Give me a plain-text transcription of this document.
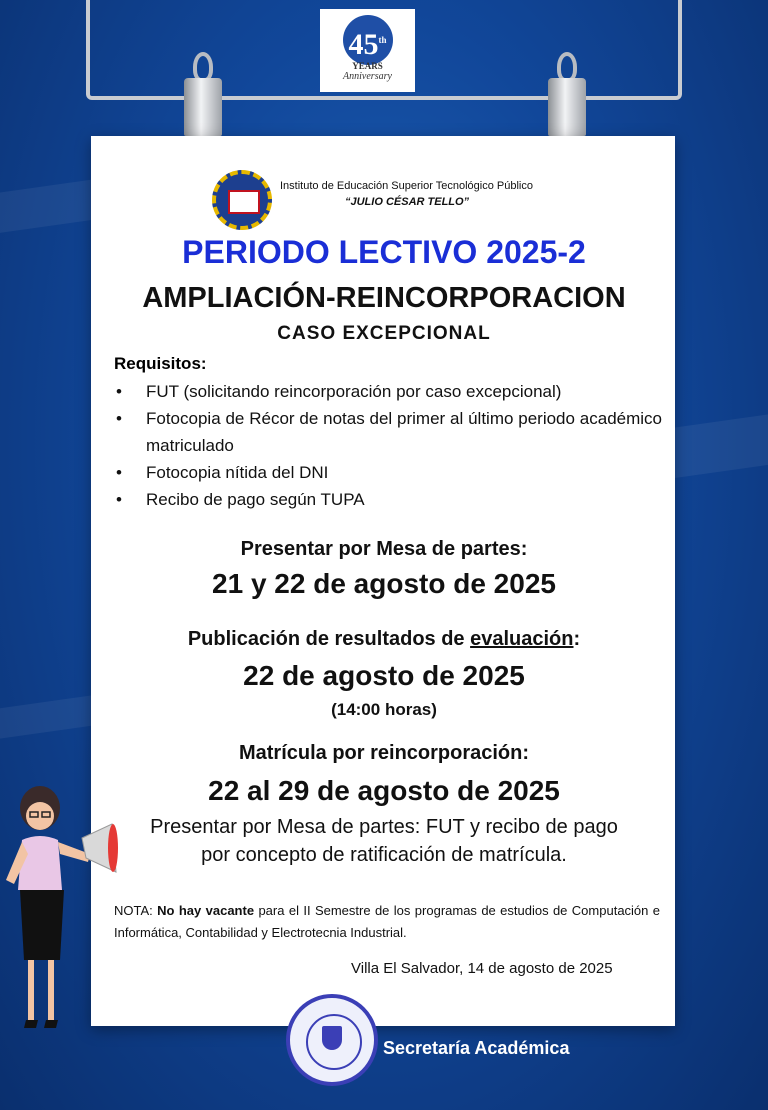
45th
YEARS
Anniversary
Instituto de Educación Superior Tecnológico Público
“JULIO CÉSAR TELLO”
PERIODO LECTIVO 2025-2
AMPLIACIÓN-REINCORPORACION
CASO EXCEPCIONAL
Requisitos:
• FUT (solicitando reincorporación por caso excepcional)
• Fotocopia de Récor de notas del primer al último periodo académico matriculado
• Fotocopia nítida del DNI
• Recibo de pago según TUPA
Presentar por Mesa de partes:
21 y 22 de agosto de 2025
Publicación de resultados de evaluación:
22 de agosto de 2025
(14:00 horas)
Matrícula por reincorporación:
22 al 29 de agosto de 2025
Presentar por Mesa de partes: FUT y recibo de pago
por concepto de ratificación de matrícula.
NOTA: No hay vacante para el II Semestre de los programas de estudios de Computación e Informática, Contabilidad y Electrotecnia Industrial.
Villa El Salvador, 14 de agosto de 2025
Secretaría Académica
